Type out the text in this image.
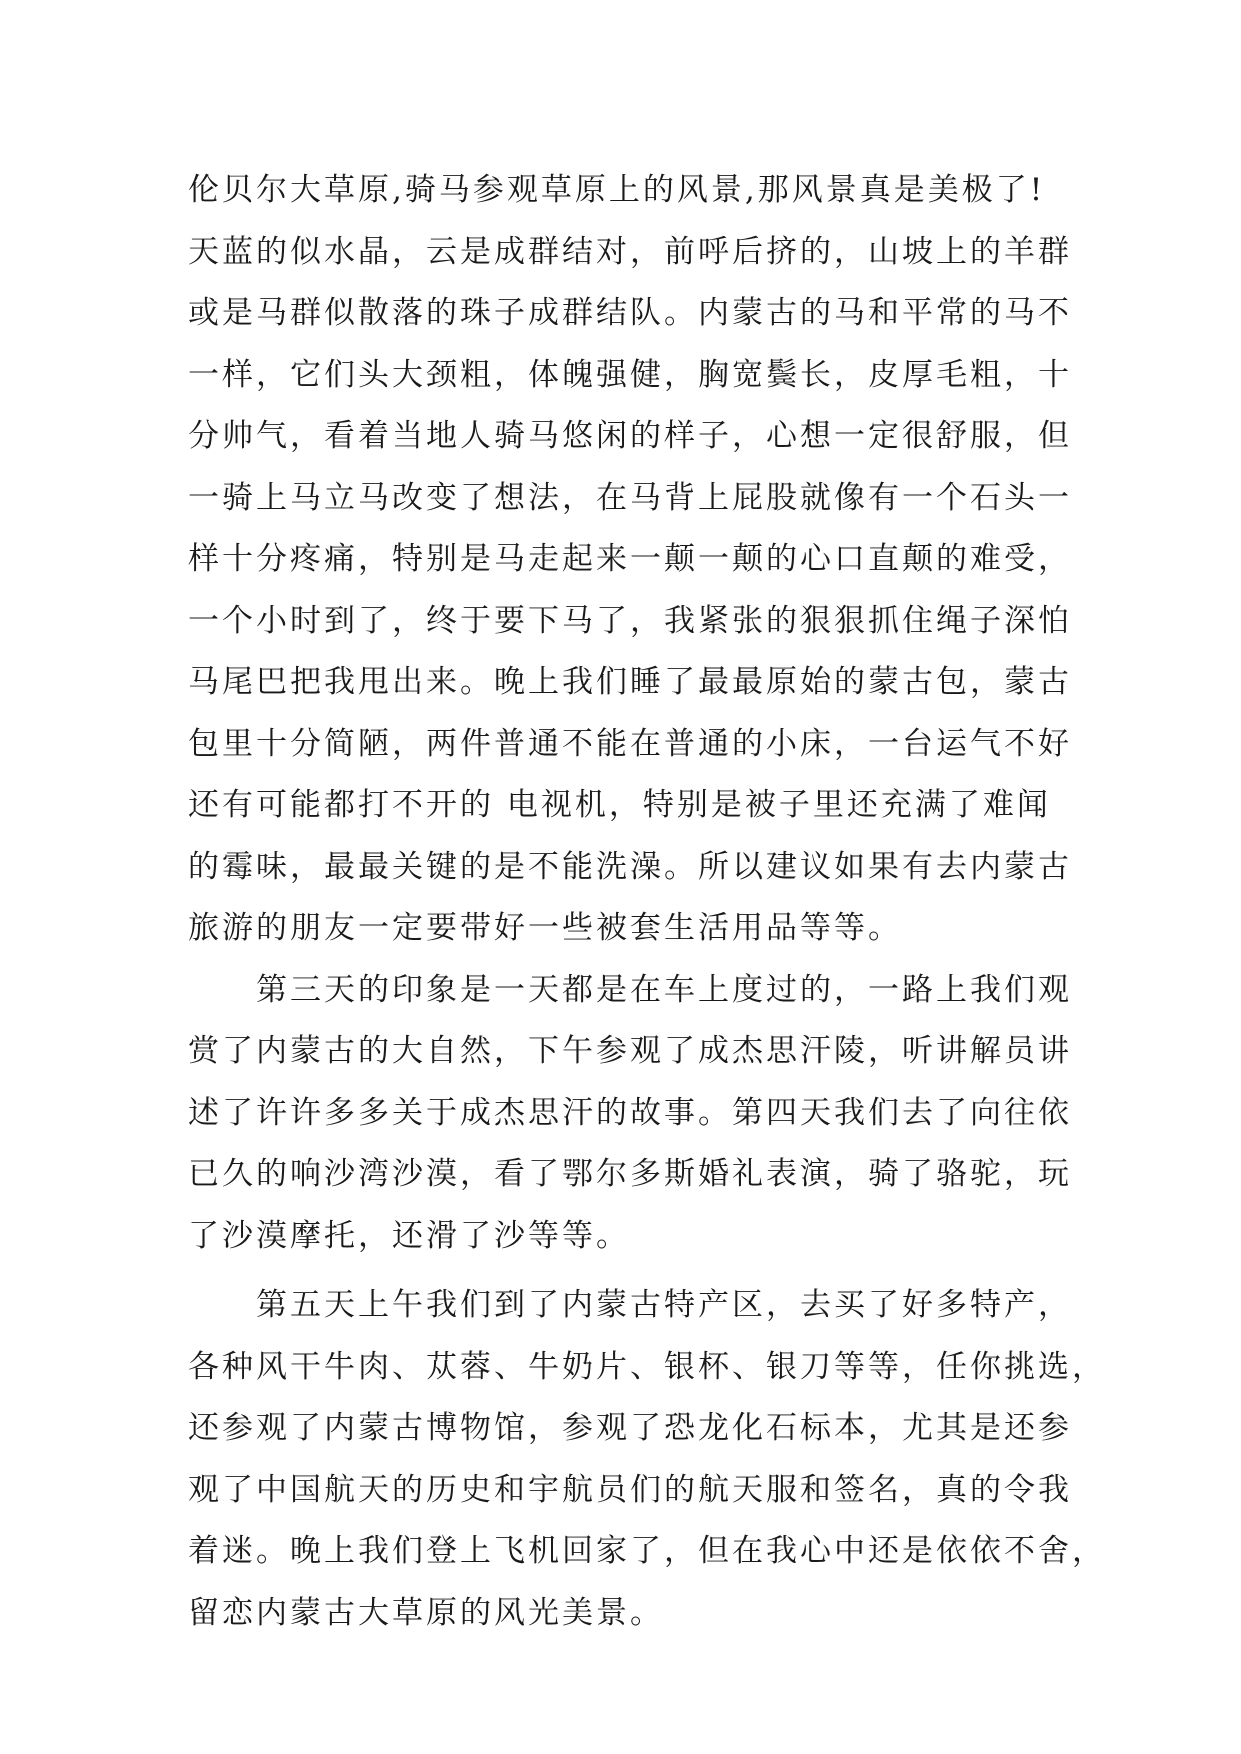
伦贝尔大草原,骑马参观草原上的风景,那风景真是美极了!
天蓝的似水晶，云是成群结对，前呼后挤的，山坡上的羊群
或是马群似散落的珠子成群结队。内蒙古的马和平常的马不
一样，它们头大颈粗，体魄强健，胸宽鬓长，皮厚毛粗，十
分帅气，看着当地人骑马悠闲的样子，心想一定很舒服，但
一骑上马立马改变了想法，在马背上屁股就像有一个石头一
样十分疼痛，特别是马走起来一颠一颠的心口直颠的难受，
一个小时到了，终于要下马了，我紧张的狠狠抓住绳子深怕
马尾巴把我甩出来。晚上我们睡了最最原始的蒙古包，蒙古
包里十分简陋，两件普通不能在普通的小床，一台运气不好
还有可能都打不开的 电视机，特别是被子里还充满了难闻
的霉味，最最关键的是不能洗澡。所以建议如果有去内蒙古
旅游的朋友一定要带好一些被套生活用品等等。
第三天的印象是一天都是在车上度过的，一路上我们观
赏了内蒙古的大自然，下午参观了成杰思汗陵，听讲解员讲
述了许许多多关于成杰思汗的故事。第四天我们去了向往依
已久的响沙湾沙漠，看了鄂尔多斯婚礼表演，骑了骆驼，玩
了沙漠摩托，还滑了沙等等。
第五天上午我们到了内蒙古特产区，去买了好多特产，
各种风干牛肉、苁蓉、牛奶片、银杯、银刀等等，任你挑选，
还参观了内蒙古博物馆，参观了恐龙化石标本，尤其是还参
观了中国航天的历史和宇航员们的航天服和签名，真的令我
着迷。晚上我们登上飞机回家了，但在我心中还是依依不舍，
留恋内蒙古大草原的风光美景。
